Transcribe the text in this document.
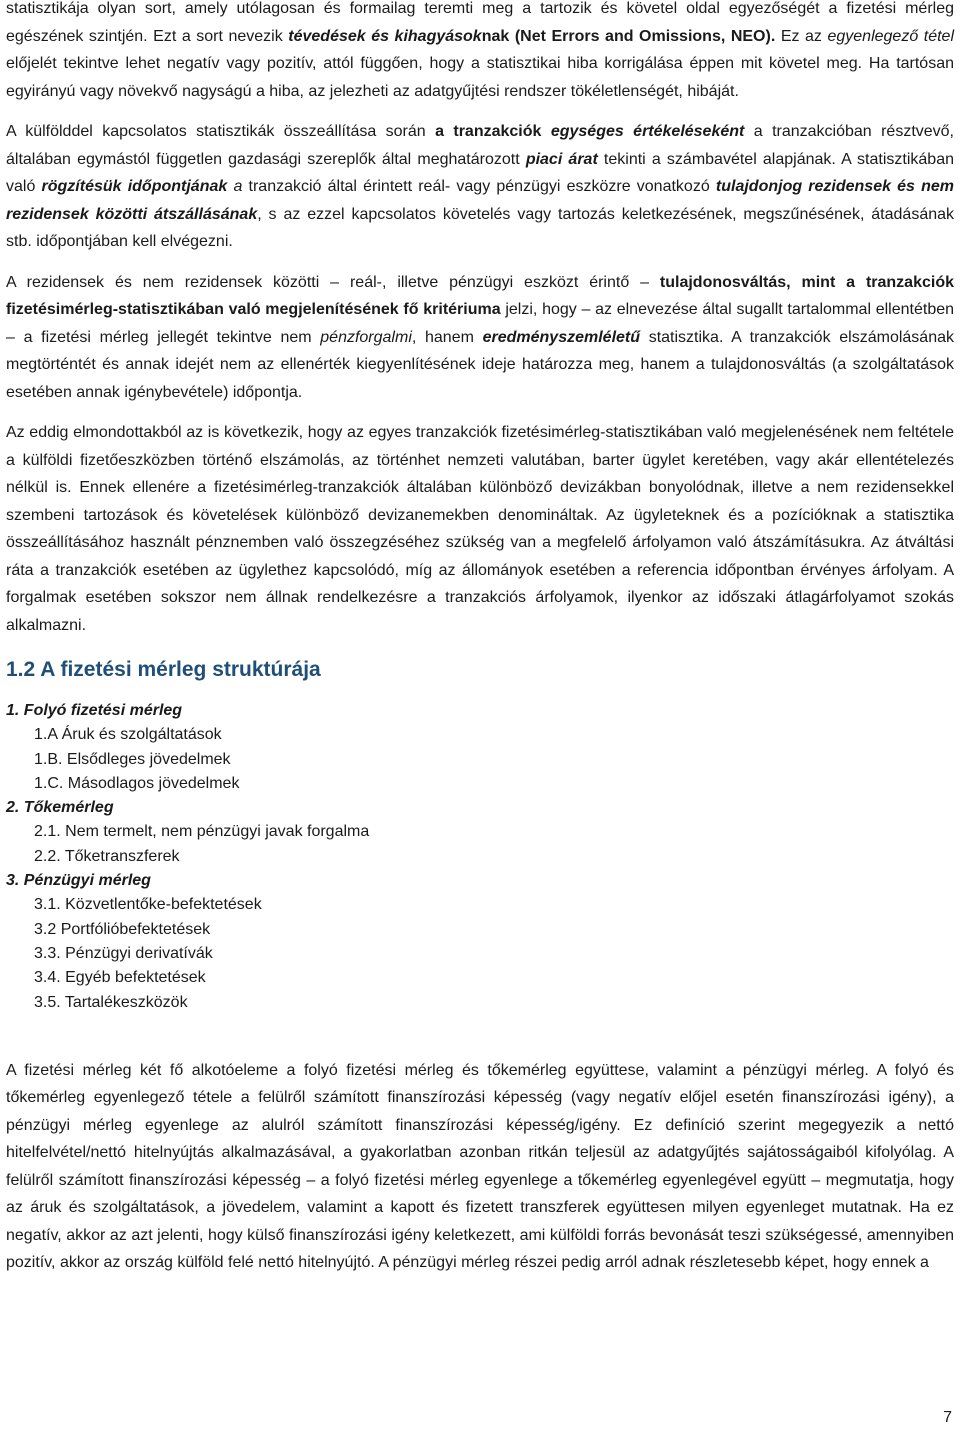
statisztikája olyan sort, amely utólagosan és formailag teremti meg a tartozik és követel oldal egyezőségét a fizetési mérleg egészének szintjén. Ezt a sort nevezik tévedések és kihagyásoknak (Net Errors and Omissions, NEO). Ez az egyenlegező tétel előjelét tekintve lehet negatív vagy pozitív, attól függően, hogy a statisztikai hiba korrigálása éppen mit követel meg. Ha tartósan egyirányú vagy növekvő nagyságú a hiba, az jelezheti az adatgyűjtési rendszer tökéletlenségét, hibáját.

A külfölddel kapcsolatos statisztikák összeállítása során a tranzakciók egységes értékeléseként a tranzakcióban résztvevő, általában egymástól független gazdasági szereplők által meghatározott piaci árat tekinti a számbavétel alapjának. A statisztikában való rögzítésük időpontjának a tranzakció által érintett reál- vagy pénzügyi eszközre vonatkozó tulajdonjog rezidensek és nem rezidensek közötti átszállásának, s az ezzel kapcsolatos követelés vagy tartozás keletkezésének, megszűnésének, átadásának stb. időpontjában kell elvégezni.

A rezidensek és nem rezidensek közötti – reál-, illetve pénzügyi eszközt érintő – tulajdonosváltás, mint a tranzakciók fizetésimérleg-statisztikában való megjelenítésének fő kritériuma jelzi, hogy – az elnevezése által sugallt tartalommal ellentétben – a fizetési mérleg jellegét tekintve nem pénzforgalmi, hanem eredményszemléletű statisztika. A tranzakciók elszámolásának megtörténtét és annak idejét nem az ellenérték kiegyenlítésének ideje határozza meg, hanem a tulajdonosváltás (a szolgáltatások esetében annak igénybevétele) időpontja.

Az eddig elmondottakból az is következik, hogy az egyes tranzakciók fizetésimérleg-statisztikában való megjelenésének nem feltétele a külföldi fizetőeszközben történő elszámolás, az történhet nemzeti valutában, barter ügylet keretében, vagy akár ellentételezés nélkül is. Ennek ellenére a fizetésimérleg-tranzakciók általában különböző devizákban bonyolódnak, illetve a nem rezidensekkel szembeni tartozások és követelések különböző devizanemekben denomináltak. Az ügyleteknek és a pozícióknak a statisztika összeállításához használt pénznemben való összegzéséhez szükség van a megfelelő árfolyamon való átszámításukra. Az átváltási ráta a tranzakciók esetében az ügylethez kapcsolódó, míg az állományok esetében a referencia időpontban érvényes árfolyam. A forgalmak esetében sokszor nem állnak rendelkezésre a tranzakciós árfolyamok, ilyenkor az időszaki átlagárfolyamot szokás alkalmazni.

1.2 A fizetési mérleg struktúrája
1. Folyó fizetési mérleg
1.A Áruk és szolgáltatások
1.B. Elsődleges jövedelmek
1.C. Másodlagos jövedelmek
2. Tőkemérleg
2.1. Nem termelt, nem pénzügyi javak forgalma
2.2. Tőketranszferek
3. Pénzügyi mérleg
3.1. Közvetlentőke-befektetések
3.2 Portfólióbefektetések
3.3. Pénzügyi derivatívák
3.4. Egyéb befektetések
3.5. Tartalékeszközök

A fizetési mérleg két fő alkotóeleme a folyó fizetési mérleg és tőkemérleg együttese, valamint a pénzügyi mérleg. A folyó és tőkemérleg egyenlegező tétele a felülről számított finanszírozási képesség (vagy negatív előjel esetén finanszírozási igény), a pénzügyi mérleg egyenlege az alulról számított finanszírozási képesség/igény. Ez definíció szerint megegyezik a nettó hitelfelvétel/nettó hitelnyújtás alkalmazásával, a gyakorlatban azonban ritkán teljesül az adatgyűjtés sajátosságaiból kifolyólag. A felülről számított finanszírozási képesség – a folyó fizetési mérleg egyenlege a tőkemérleg egyenlegével együtt – megmutatja, hogy az áruk és szolgáltatások, a jövedelem, valamint a kapott és fizetett transzferek együttesen milyen egyenleget mutatnak. Ha ez negatív, akkor az azt jelenti, hogy külső finanszírozási igény keletkezett, ami külföldi forrás bevonását teszi szükségessé, amennyiben pozitív, akkor az ország külföld felé nettó hitelnyújtó. A pénzügyi mérleg részei pedig arról adnak részletesebb képet, hogy ennek a

7
